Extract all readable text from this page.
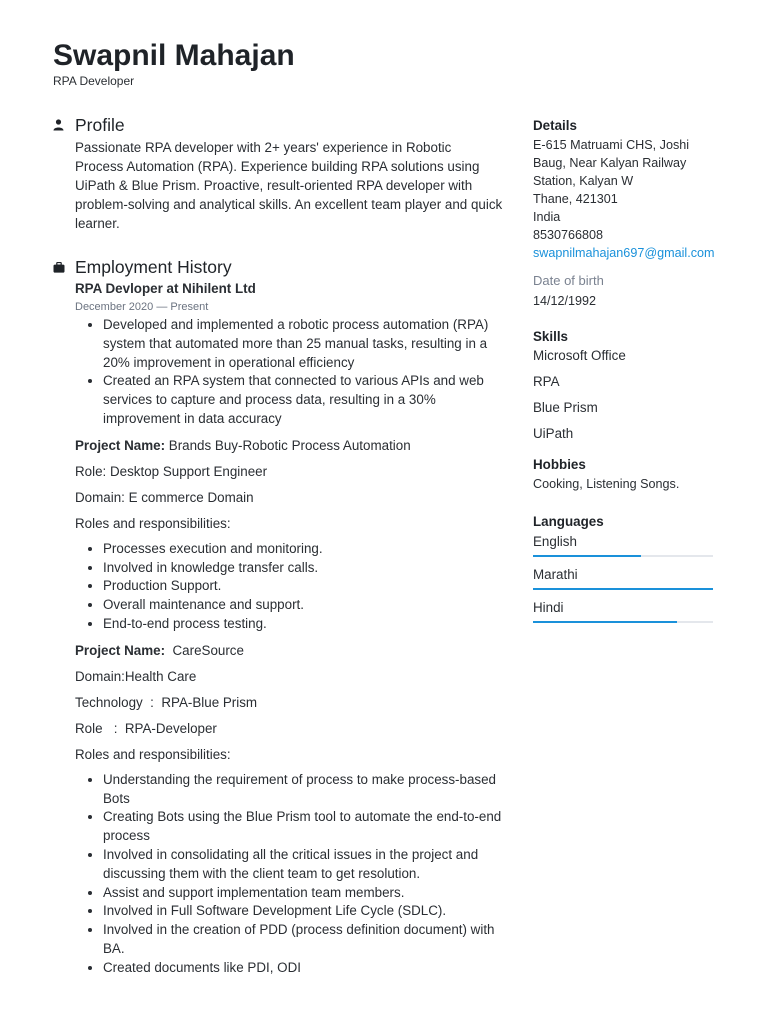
Swapnil Mahajan
RPA Developer
Profile
Passionate RPA developer with 2+ years' experience in Robotic Process Automation (RPA). Experience building RPA solutions using UiPath & Blue Prism. Proactive, result-oriented RPA developer with problem-solving and analytical skills. An excellent team player and quick learner.
Employment History
RPA Devloper at Nihilent Ltd
December 2020 — Present
• Developed and implemented a robotic process automation (RPA) system that automated more than 25 manual tasks, resulting in a 20% improvement in operational efficiency
• Created an RPA system that connected to various APIs and web services to capture and process data, resulting in a 30% improvement in data accuracy
Project Name: Brands Buy-Robotic Process Automation
Role: Desktop Support Engineer
Domain: E commerce Domain
Roles and responsibilities:
• Processes execution and monitoring.
• Involved in knowledge transfer calls.
• Production Support.
• Overall maintenance and support.
• End-to-end process testing.
Project Name:  CareSource
Domain:Health Care
Technology  :  RPA-Blue Prism
Role   :  RPA-Developer
Roles and responsibilities:
• Understanding the requirement of process to make process-based Bots
• Creating Bots using the Blue Prism tool to automate the end-to-end process
• Involved in consolidating all the critical issues in the project and discussing them with the client team to get resolution.
• Assist and support implementation team members.
• Involved in Full Software Development Life Cycle (SDLC).
• Involved in the creation of PDD (process definition document) with BA.
• Created documents like PDI, ODI
Details
E-615 Matruami CHS, Joshi
Baug, Near Kalyan Railway
Station, Kalyan W
Thane, 421301
India
8530766808
swapnilmahajan697@gmail.com
Date of birth
14/12/1992
Skills
Microsoft Office
RPA
Blue Prism
UiPath
Hobbies
Cooking, Listening Songs.
Languages
English
Marathi
Hindi
